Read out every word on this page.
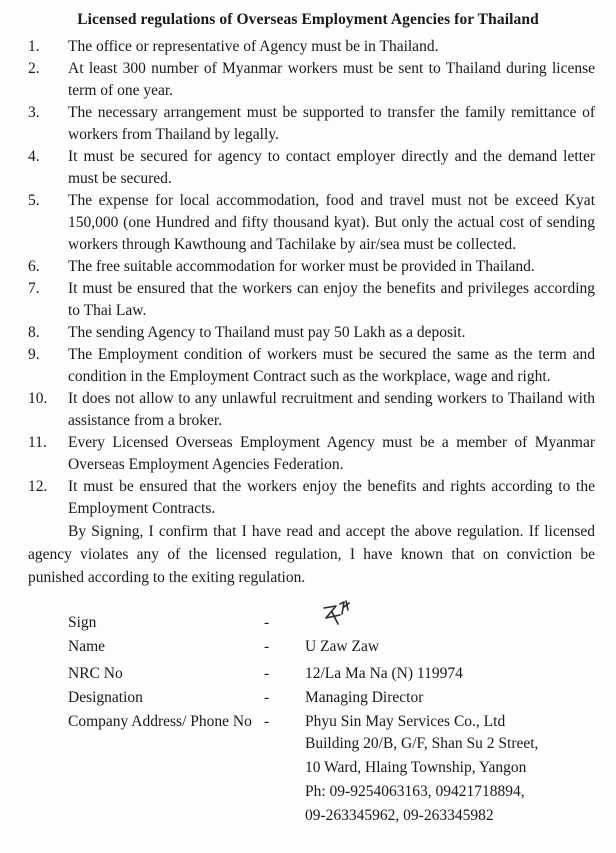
Licensed regulations of Overseas Employment Agencies for Thailand
1. The office or representative of Agency must be in Thailand.
2. At least 300 number of Myanmar workers must be sent to Thailand during license term of one year.
3. The necessary arrangement must be supported to transfer the family remittance of workers from Thailand by legally.
4. It must be secured for agency to contact employer directly and the demand letter must be secured.
5. The expense for local accommodation, food and travel must not be exceed Kyat 150,000 (one Hundred and fifty thousand kyat). But only the actual cost of sending workers through Kawthoung and Tachilake by air/sea must be collected.
6. The free suitable accommodation for worker must be provided in Thailand.
7. It must be ensured that the workers can enjoy the benefits and privileges according to Thai Law.
8. The sending Agency to Thailand must pay 50 Lakh as a deposit.
9. The Employment condition of workers must be secured the same as the term and condition in the Employment Contract such as the workplace, wage and right.
10. It does not allow to any unlawful recruitment and sending workers to Thailand with assistance from a broker.
11. Every Licensed Overseas Employment Agency must be a member of Myanmar Overseas Employment Agencies Federation.
12. It must be ensured that the workers enjoy the benefits and rights according to the Employment Contracts.

By Signing, I confirm that I have read and accept the above regulation. If licensed agency violates any of the licensed regulation, I have known that on conviction be punished according to the exiting regulation.

Sign	-
Name	- U Zaw Zaw
NRC No	- 12/La Ma Na (N) 119974
Designation	- Managing Director
Company Address/ Phone No - Phyu Sin May Services Co., Ltd
Building 20/B, G/F, Shan Su 2 Street,
10 Ward, Hlaing Township, Yangon
Ph: 09-9254063163, 09421718894,
09-263345962, 09-263345982
